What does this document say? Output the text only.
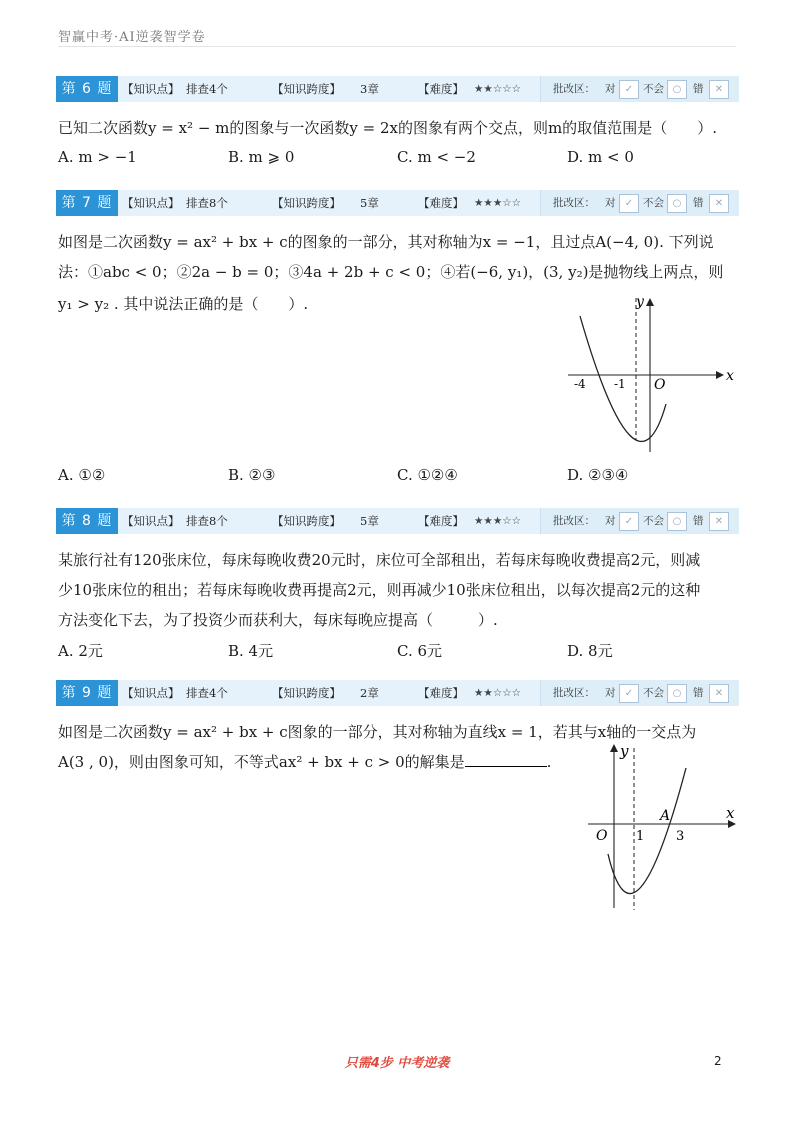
智赢中考·AI逆袭智学卷
第 6 题 【知识点】 排查4个	【知识跨度】 3章	【难度】 ★★☆☆☆	批改区： 对 ✓ 不会 ○	错	✕
已知二次函数y = x² − m的图象与一次函数y = 2x的图象有两个交点，则m的取值范围是（　　）.
A. m > −1	B. m ⩾ 0	C. m < −2	D. m < 0
第 7 题 【知识点】 排查8个	【知识跨度】 5章	【难度】 ★★★☆☆	批改区： 对 ✓ 不会 ○	错	✕
如图是二次函数y = ax² + bx + c的图象的一部分，其对称轴为x = −1，且过点A(−4, 0). 下列说
法：①abc < 0；②2a − b = 0；③4a + 2b + c < 0；④若(−6, y₁)，(3, y₂)是抛物线上两点，则
y₁ > y₂ . 其中说法正确的是（　　）.
x
y
O
-4 -1
A. ①②	B. ②③	C. ①②④	D. ②③④
第 8 题 【知识点】 排查8个	【知识跨度】 5章	【难度】 ★★★☆☆	批改区： 对 ✓ 不会 ○	错	✕
某旅行社有120张床位，每床每晚收费20元时，床位可全部租出，若每床每晚收费提高2元，则减
少10张床位的租出；若每床每晚收费再提高2元，则再减少10张床位租出，以每次提高2元的这种
方法变化下去，为了投资少而获利大，每床每晚应提高（　　　）.
A. 2元	B. 4元	C. 6元	D. 8元
第 9 题 【知识点】 排查4个	【知识跨度】 2章	【难度】 ★★☆☆☆	批改区： 对 ✓ 不会 ○	错	✕
如图是二次函数y = ax² + bx + c图象的一部分，其对称轴为直线x = 1，若其与x轴的一交点为
A(3 , 0)，则由图象可知，不等式ax² + bx + c > 0的解集是	.
x
y
O 1 3
A
只需4步 中考逆袭	2
